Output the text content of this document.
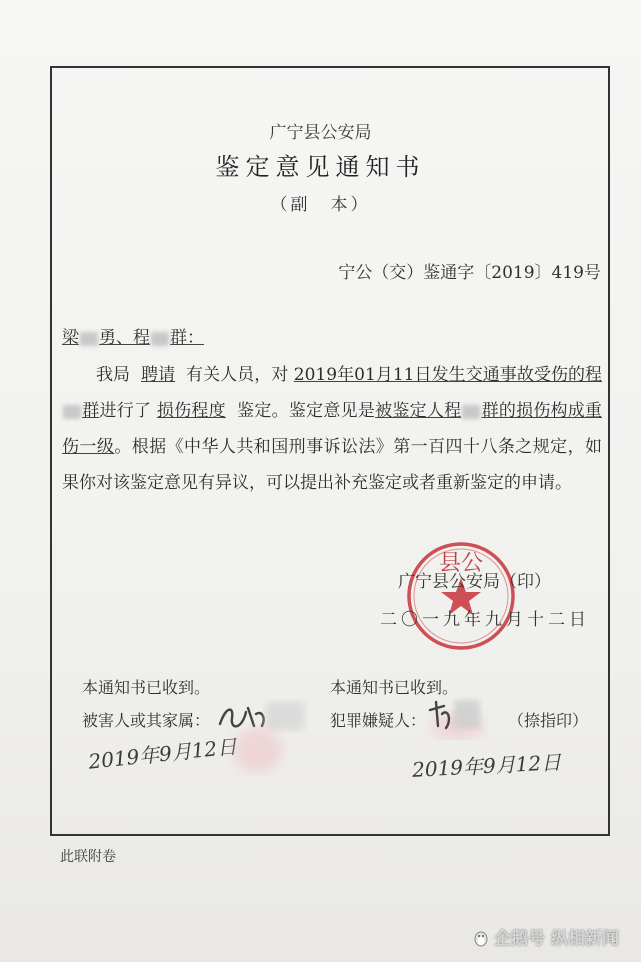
广宁县公安局
鉴定意见通知书
（副　本）
宁公（交）鉴通字〔2019〕419号
梁 勇、程 群：

我局 聘请 有关人员，对 2019年01月11日发生交通事故受伤的程群进行了 损伤程度 鉴定。鉴定意见是被鉴定人程 群的损伤构成重伤一级。根据《中华人共和国刑事诉讼法》第一百四十八条之规定，如果你对该鉴定意见有异议，可以提出补充鉴定或者重新鉴定的申请。

县公
广宁县公安局（印）
二〇一九年九月十二日
本通知书已收到。
被害人或其家属：
2019年9月12日
本通知书已收到。
犯罪嫌疑人：	（捺指印）
2019年9月12日
此联附卷
企鹅号 纵相新闻
